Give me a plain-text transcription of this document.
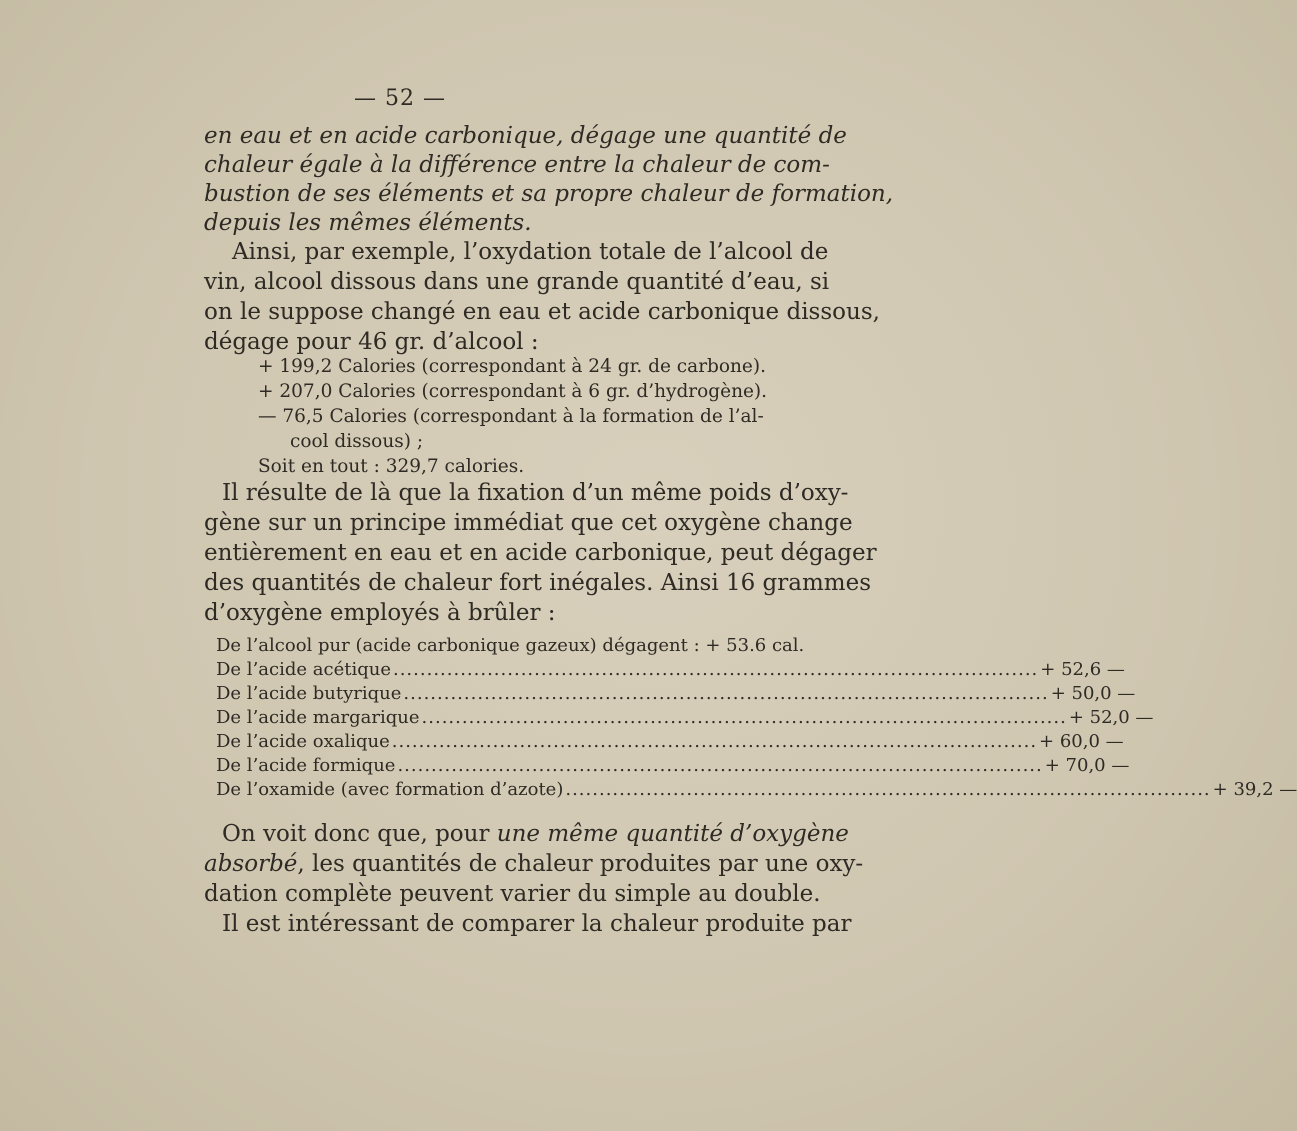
— 52 —
en eau et en acide carbonique, dégage une quantité de
chaleur égale à la différence entre la chaleur de com-
bustion de ses éléments et sa propre chaleur de formation,
depuis les mêmes éléments.
Ainsi, par exemple, l’oxydation totale de l’alcool de
vin, alcool dissous dans une grande quantité d’eau, si
on le suppose changé en eau et acide carbonique dissous,
dégage pour 46 gr. d’alcool :
+ 199,2 Calories (correspondant à 24 gr. de carbone).
+ 207,0 Calories (correspondant à 6 gr. d’hydrogène).
— 76,5 Calories (correspondant à la formation de l’al-
cool dissous) ;
Soit en tout : 329,7 calories.
Il résulte de là que la fixation d’un même poids d’oxy-
gène sur un principe immédiat que cet oxygène change
entièrement en eau et en acide carbonique, peut dégager
des quantités de chaleur fort inégales. Ainsi 16 grammes
d’oxygène employés à brûler :
De l’alcool pur (acide carbonique gazeux) dégagent : + 53.6 cal.
De l’acide acétique .....	+ 52,6 —
De l’acide butyrique .....	+ 50,0 —
De l’acide margarique .....	+ 52,0 —
De l’acide oxalique .....	+ 60,0 —
De l’acide formique .....	+ 70,0 —
De l’oxamide (avec formation d’azote) .....	+ 39,2 —
On voit donc que, pour une même quantité d’oxygène
absorbé, les quantités de chaleur produites par une oxy-
dation complète peuvent varier du simple au double.
Il est intéressant de comparer la chaleur produite par
